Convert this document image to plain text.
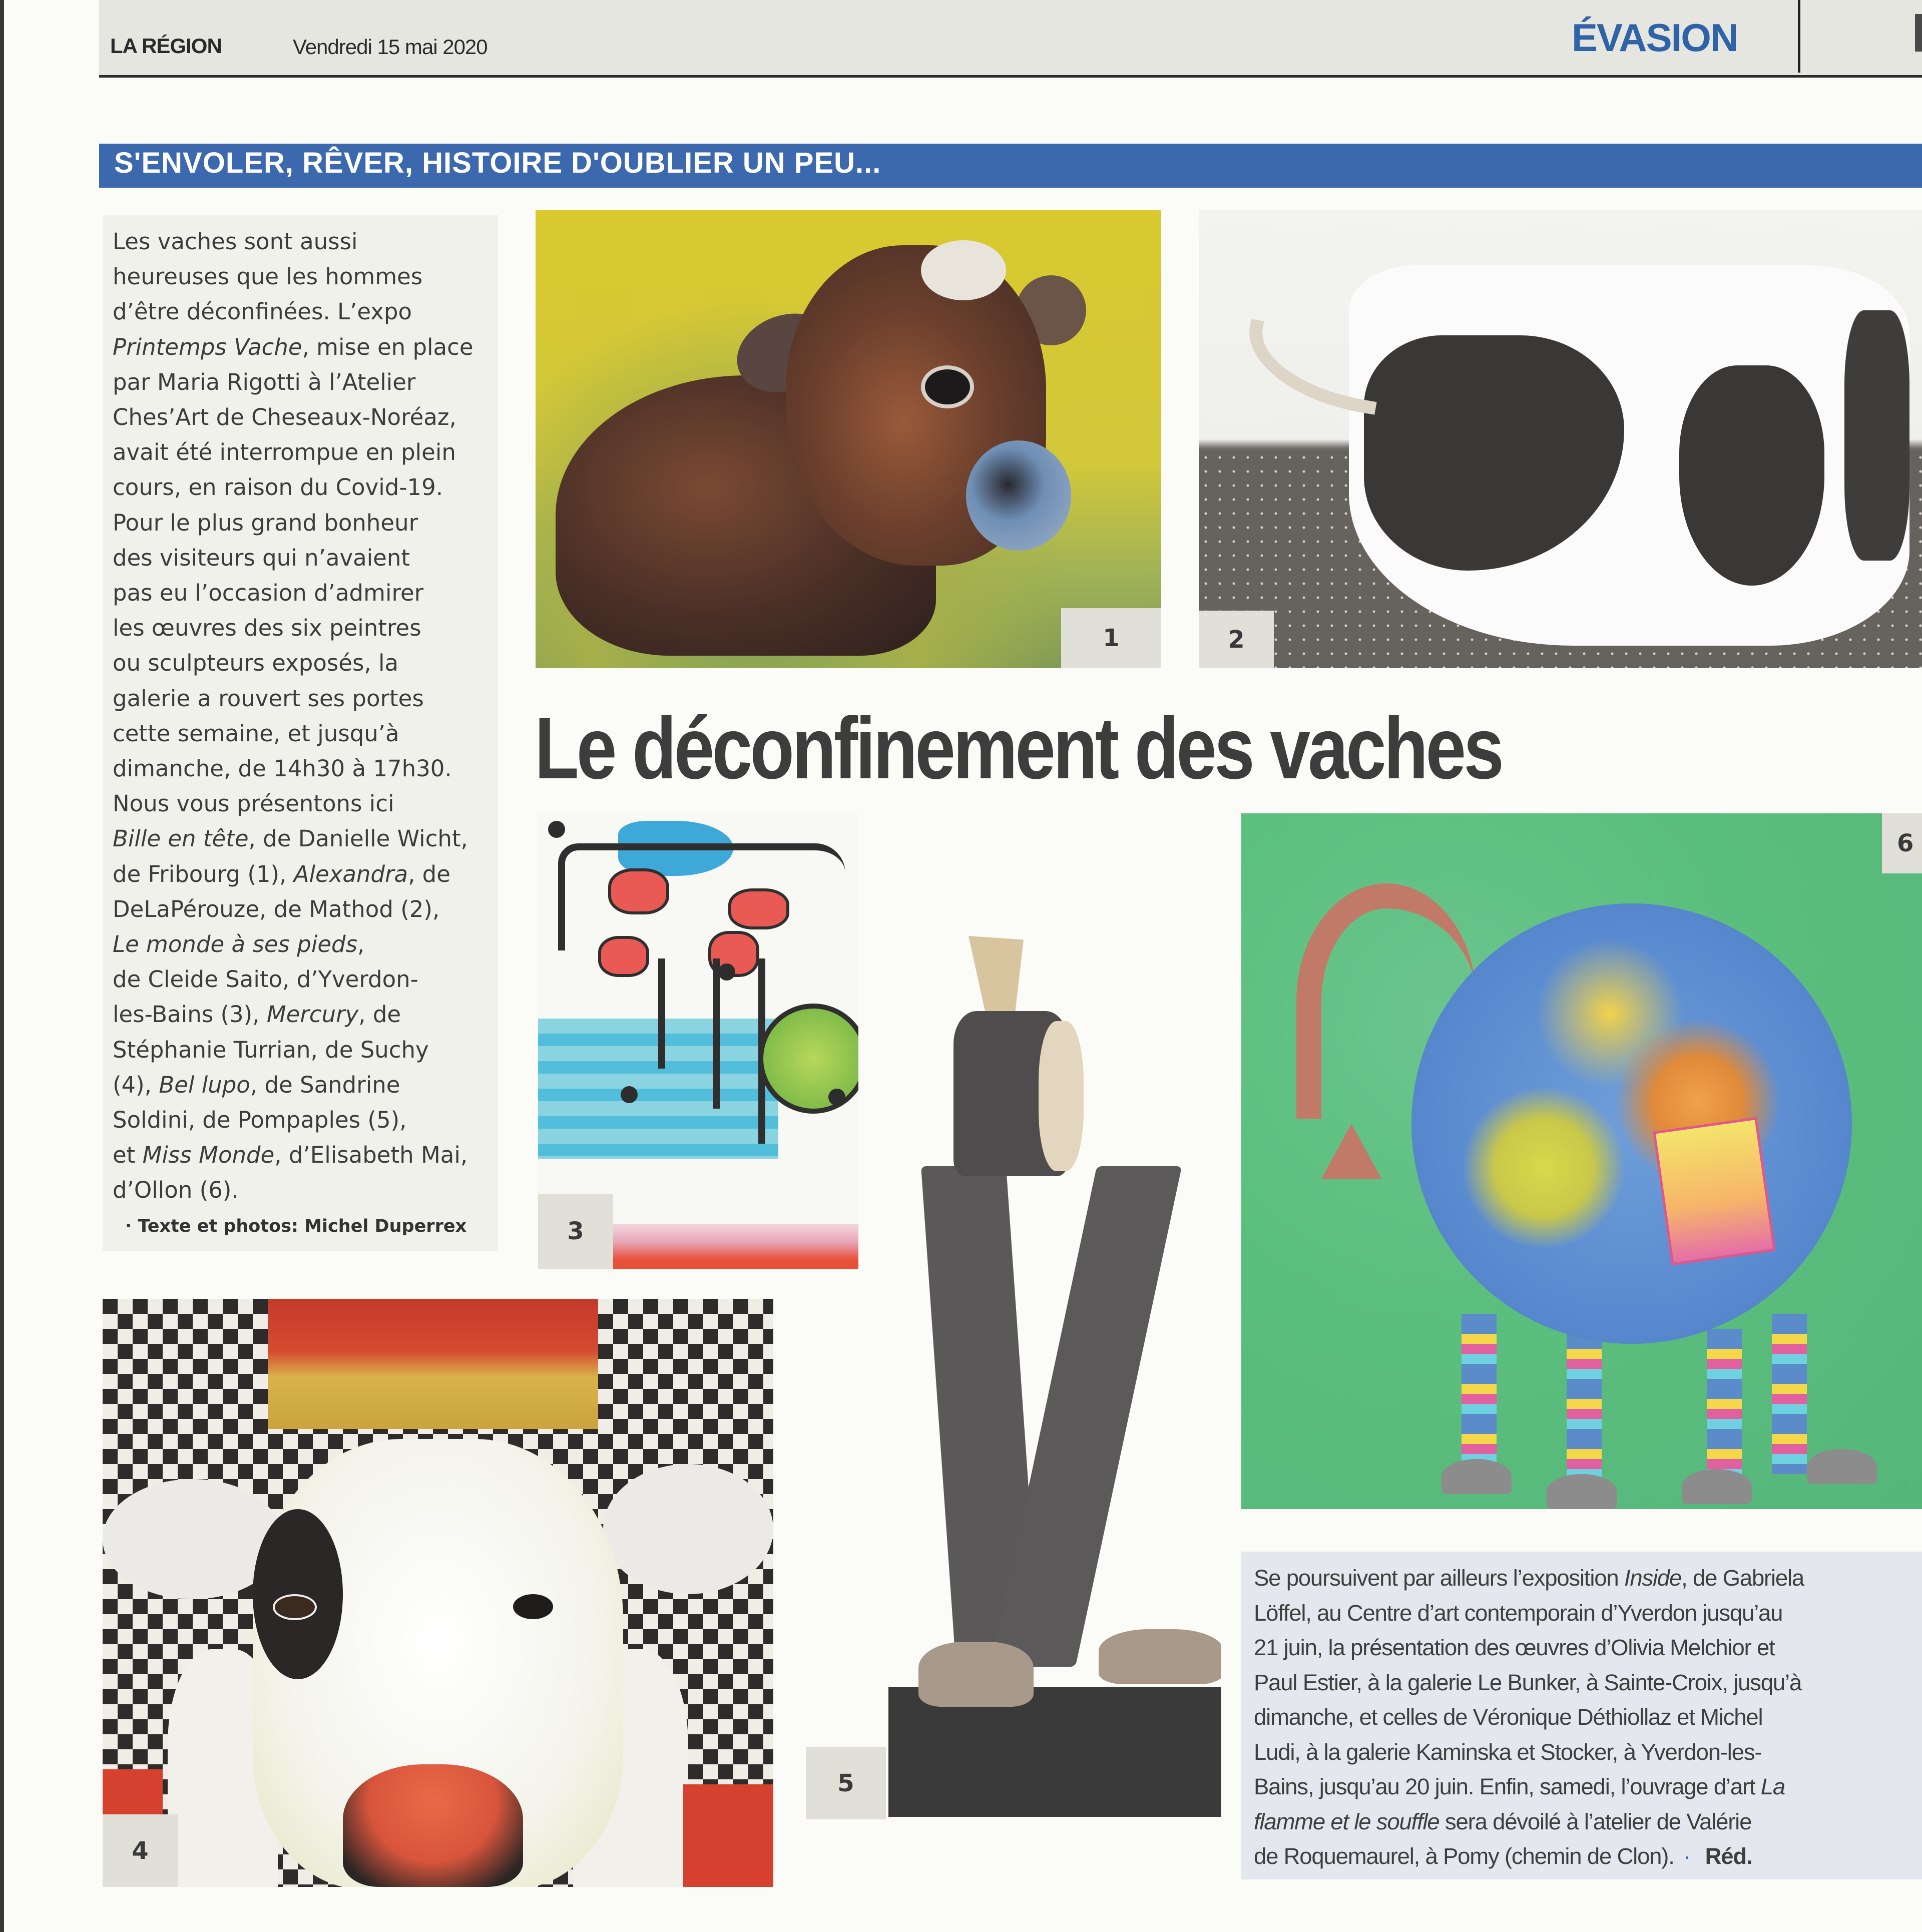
LA RÉGION	Vendredi 15 mai 2020	ÉVASION
S'ENVOLER, RÊVER, HISTOIRE D'OUBLIER UN PEU...
Les vaches sont aussi
heureuses que les hommes
d’être déconfinées. L’expo
Printemps Vache, mise en place
par Maria Rigotti à l’Atelier
Ches’Art de Cheseaux-Noréaz,
avait été interrompue en plein
cours, en raison du Covid-19.
Pour le plus grand bonheur
des visiteurs qui n’avaient
pas eu l’occasion d’admirer
les œuvres des six peintres
ou sculpteurs exposés, la
galerie a rouvert ses portes
cette semaine, et jusqu’à
dimanche, de 14h30 à 17h30.
Nous vous présentons ici
Bille en tête, de Danielle Wicht,
de Fribourg (1), Alexandra, de
DeLaPérouze, de Mathod (2),
Le monde à ses pieds,
de Cleide Saito, d’Yverdon-
les-Bains (3), Mercury, de
Stéphanie Turrian, de Suchy
(4), Bel lupo, de Sandrine
Soldini, de Pompaples (5),
et Miss Monde, d’Elisabeth Mai,
d’Ollon (6).
· Texte et photos: Michel Duperrex
1	2
Le déconfinement des vaches
3
4
5
6
Se poursuivent par ailleurs l’exposition Inside, de Gabriela
Löffel, au Centre d’art contemporain d’Yverdon jusqu’au
21 juin, la présentation des œuvres d’Olivia Melchior et
Paul Estier, à la galerie Le Bunker, à Sainte-Croix, jusqu’à
dimanche, et celles de Véronique Déthiollaz et Michel
Ludi, à la galerie Kaminska et Stocker, à Yverdon-les-
Bains, jusqu’au 20 juin. Enfin, samedi, l’ouvrage d’art La
flamme et le souffle sera dévoilé à l’atelier de Valérie
de Roquemaurel, à Pomy (chemin de Clon). · Réd.
